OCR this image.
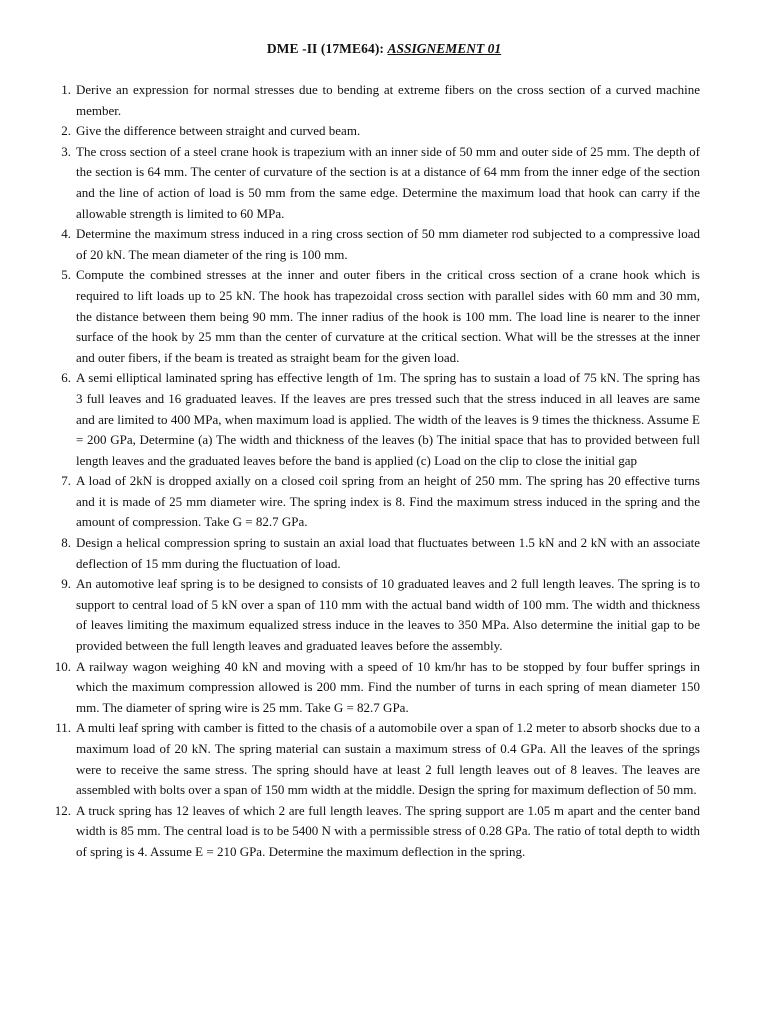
DME -II (17ME64): ASSIGNEMENT 01
1. Derive an expression for normal stresses due to bending at extreme fibers on the cross section of a curved machine member.
2. Give the difference between straight and curved beam.
3. The cross section of a steel crane hook is trapezium with an inner side of 50 mm and outer side of 25 mm. The depth of the section is 64 mm. The center of curvature of the section is at a distance of 64 mm from the inner edge of the section and the line of action of load is 50 mm from the same edge. Determine the maximum load that hook can carry if the allowable strength is limited to 60 MPa.
4. Determine the maximum stress induced in a ring cross section of 50 mm diameter rod subjected to a compressive load of 20 kN. The mean diameter of the ring is 100 mm.
5. Compute the combined stresses at the inner and outer fibers in the critical cross section of a crane hook which is required to lift loads up to 25 kN. The hook has trapezoidal cross section with parallel sides with 60 mm and 30 mm, the distance between them being 90 mm. The inner radius of the hook is 100 mm. The load line is nearer to the inner surface of the hook by 25 mm than the center of curvature at the critical section. What will be the stresses at the inner and outer fibers, if the beam is treated as straight beam for the given load.
6. A semi elliptical laminated spring has effective length of 1m. The spring has to sustain a load of 75 kN. The spring has 3 full leaves and 16 graduated leaves. If the leaves are pres tressed such that the stress induced in all leaves are same and are limited to 400 MPa, when maximum load is applied. The width of the leaves is 9 times the thickness. Assume E = 200 GPa, Determine (a) The width and thickness of the leaves (b) The initial space that has to provided between full length leaves and the graduated leaves before the band is applied (c) Load on the clip to close the initial gap
7. A load of 2kN is dropped axially on a closed coil spring from an height of 250 mm. The spring has 20 effective turns and it is made of 25 mm diameter wire. The spring index is 8. Find the maximum stress induced in the spring and the amount of compression. Take G = 82.7 GPa.
8. Design a helical compression spring to sustain an axial load that fluctuates between 1.5 kN and 2 kN with an associate deflection of 15 mm during the fluctuation of load.
9. An automotive leaf spring is to be designed to consists of 10 graduated leaves and 2 full length leaves. The spring is to support to central load of 5 kN over a span of 110 mm with the actual band width of 100 mm. The width and thickness of leaves limiting the maximum equalized stress induce in the leaves to 350 MPa. Also determine the initial gap to be provided between the full length leaves and graduated leaves before the assembly.
10. A railway wagon weighing 40 kN and moving with a speed of 10 km/hr has to be stopped by four buffer springs in which the maximum compression allowed is 200 mm. Find the number of turns in each spring of mean diameter 150 mm. The diameter of spring wire is 25 mm. Take G = 82.7 GPa.
11. A multi leaf spring with camber is fitted to the chasis of a automobile over a span of 1.2 meter to absorb shocks due to a maximum load of 20 kN. The spring material can sustain a maximum stress of 0.4 GPa. All the leaves of the springs were to receive the same stress. The spring should have at least 2 full length leaves out of 8 leaves. The leaves are assembled with bolts over a span of 150 mm width at the middle. Design the spring for maximum deflection of 50 mm.
12. A truck spring has 12 leaves of which 2 are full length leaves. The spring support are 1.05 m apart and the center band width is 85 mm. The central load is to be 5400 N with a permissible stress of 0.28 GPa. The ratio of total depth to width of spring is 4. Assume E = 210 GPa. Determine the maximum deflection in the spring.
